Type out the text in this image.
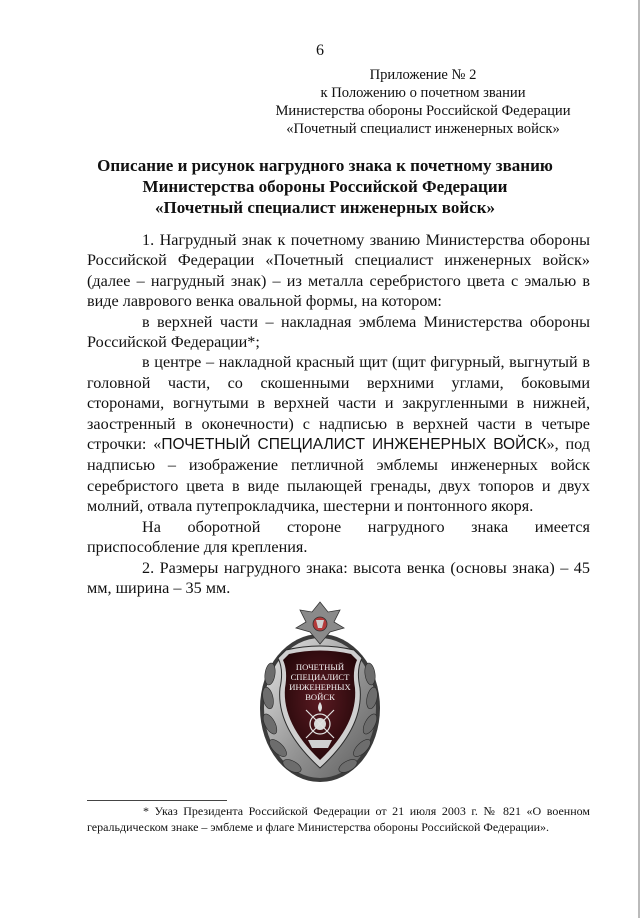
6
Приложение № 2
к Положению о почетном звании
Министерства обороны Российской Федерации
«Почетный специалист инженерных войск»
Описание и рисунок нагрудного знака к почетному званию
Министерства обороны Российской Федерации
«Почетный специалист инженерных войск»

1. Нагрудный знак к почетному званию Министерства обороны Российской Федерации «Почетный специалист инженерных войск» (далее – нагрудный знак) – из металла серебристого цвета с эмалью в виде лаврового венка овальной формы, на котором:

в верхней части – накладная эмблема Министерства обороны Российской Федерации*;

в центре – накладной красный щит (щит фигурный, выгнутый в головной части, со скошенными верхними углами, боковыми сторонами, вогнутыми в верхней части и закругленными в нижней, заостренный в оконечности) с надписью в верхней части в четыре строчки: «ПОЧЕТНЫЙ СПЕЦИАЛИСТ ИНЖЕНЕРНЫХ ВОЙСК», под надписью – изображение петличной эмблемы инженерных войск серебристого цвета в виде пылающей гренады, двух топоров и двух молний, отвала путепрокладчика, шестерни и понтонного якоря.

На оборотной стороне нагрудного знака имеется приспособление для крепления.

2. Размеры нагрудного знака: высота венка (основы знака) – 45 мм, ширина – 35 мм.

ПОЧЕТНЫЙ
СПЕЦИАЛИСТ
ИНЖЕНЕРНЫХ
ВОЙСК
* Указ Президента Российской Федерации от 21 июля 2003 г. № 821 «О военном геральдическом знаке – эмблеме и флаге Министерства обороны Российской Федерации».
